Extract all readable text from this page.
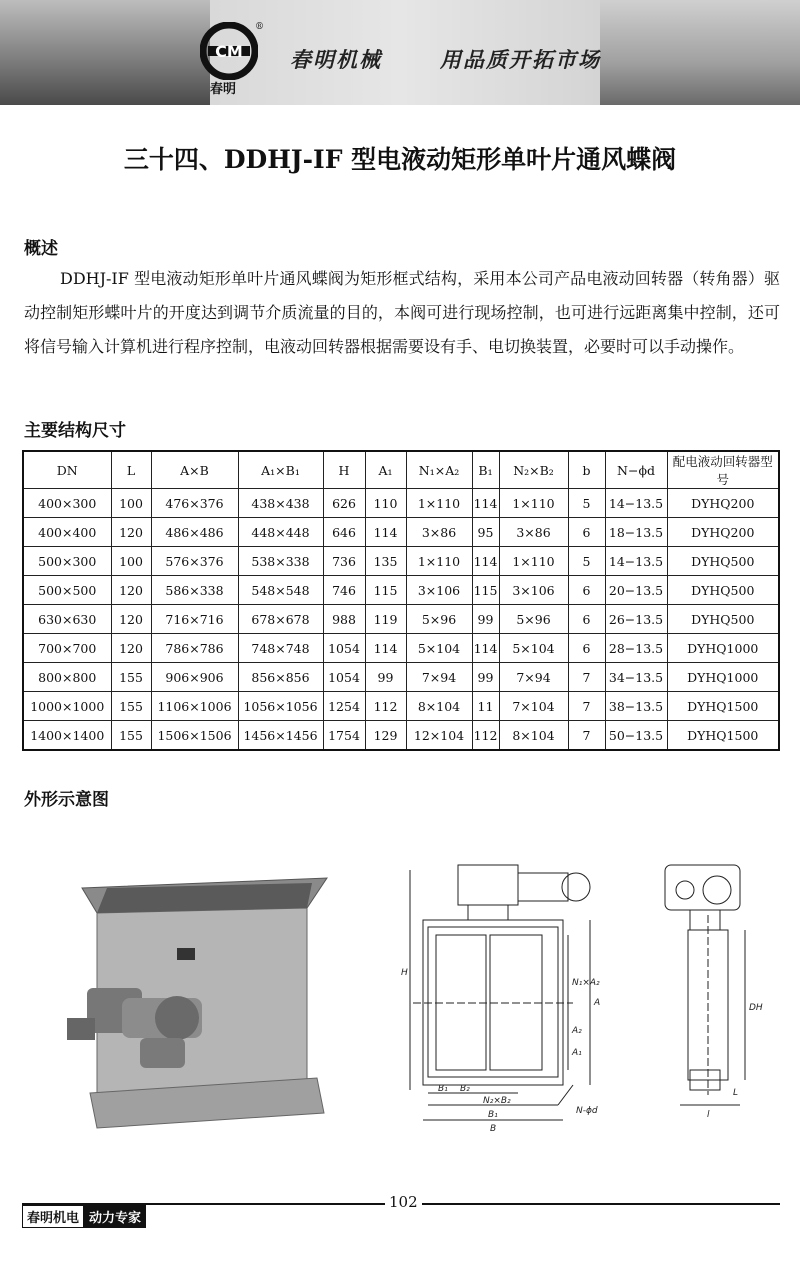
CM
®
春明
春明机械	用品质开拓市场
三十四、DDHJ-IF 型电液动矩形单叶片通风蝶阀
概述
DDHJ-IF 型电液动矩形单叶片通风蝶阀为矩形框式结构，采用本公司产品电液动回转器（转角器）驱动控制矩形蝶叶片的开度达到调节介质流量的目的，本阀可进行现场控制，也可进行远距离集中控制，还可将信号输入计算机进行程序控制，电液动回转器根据需要设有手、电切换装置，必要时可以手动操作。
主要结构尺寸
DN	L	A×B	A₁×B₁	H	A₁	N₁×A₂	B₁	N₂×B₂	b	N−ϕd	配电液动回转器型号
400×300	100	476×376	438×438	626	110	1×110	114	1×110	5	14−13.5	DYHQ200
400×400	120	486×486	448×448	646	114	3×86	95	3×86	6	18−13.5	DYHQ200
500×300	100	576×376	538×338	736	135	1×110	114	1×110	5	14−13.5	DYHQ500
500×500	120	586×338	548×548	746	115	3×106	115	3×106	6	20−13.5	DYHQ500
630×630	120	716×716	678×678	988	119	5×96	99	5×96	6	26−13.5	DYHQ500
700×700	120	786×786	748×748	1054	114	5×104	114	5×104	6	28−13.5	DYHQ1000
800×800	155	906×906	856×856	1054	99	7×94	99	7×94	7	34−13.5	DYHQ1000
1000×1000	155	1106×1006	1056×1056	1254	112	8×104	11	7×104	7	38−13.5	DYHQ1500
1400×1400	155	1506×1506	1456×1456	1754	129	12×104	112	8×104	7	50−13.5	DYHQ1500
外形示意图
H
A
N₁×A₂
A₂
A₁
B₁ B₂
N₂×B₂
B₁
B
N-ϕd
DH
L
l
102
春明机电 动力专家
